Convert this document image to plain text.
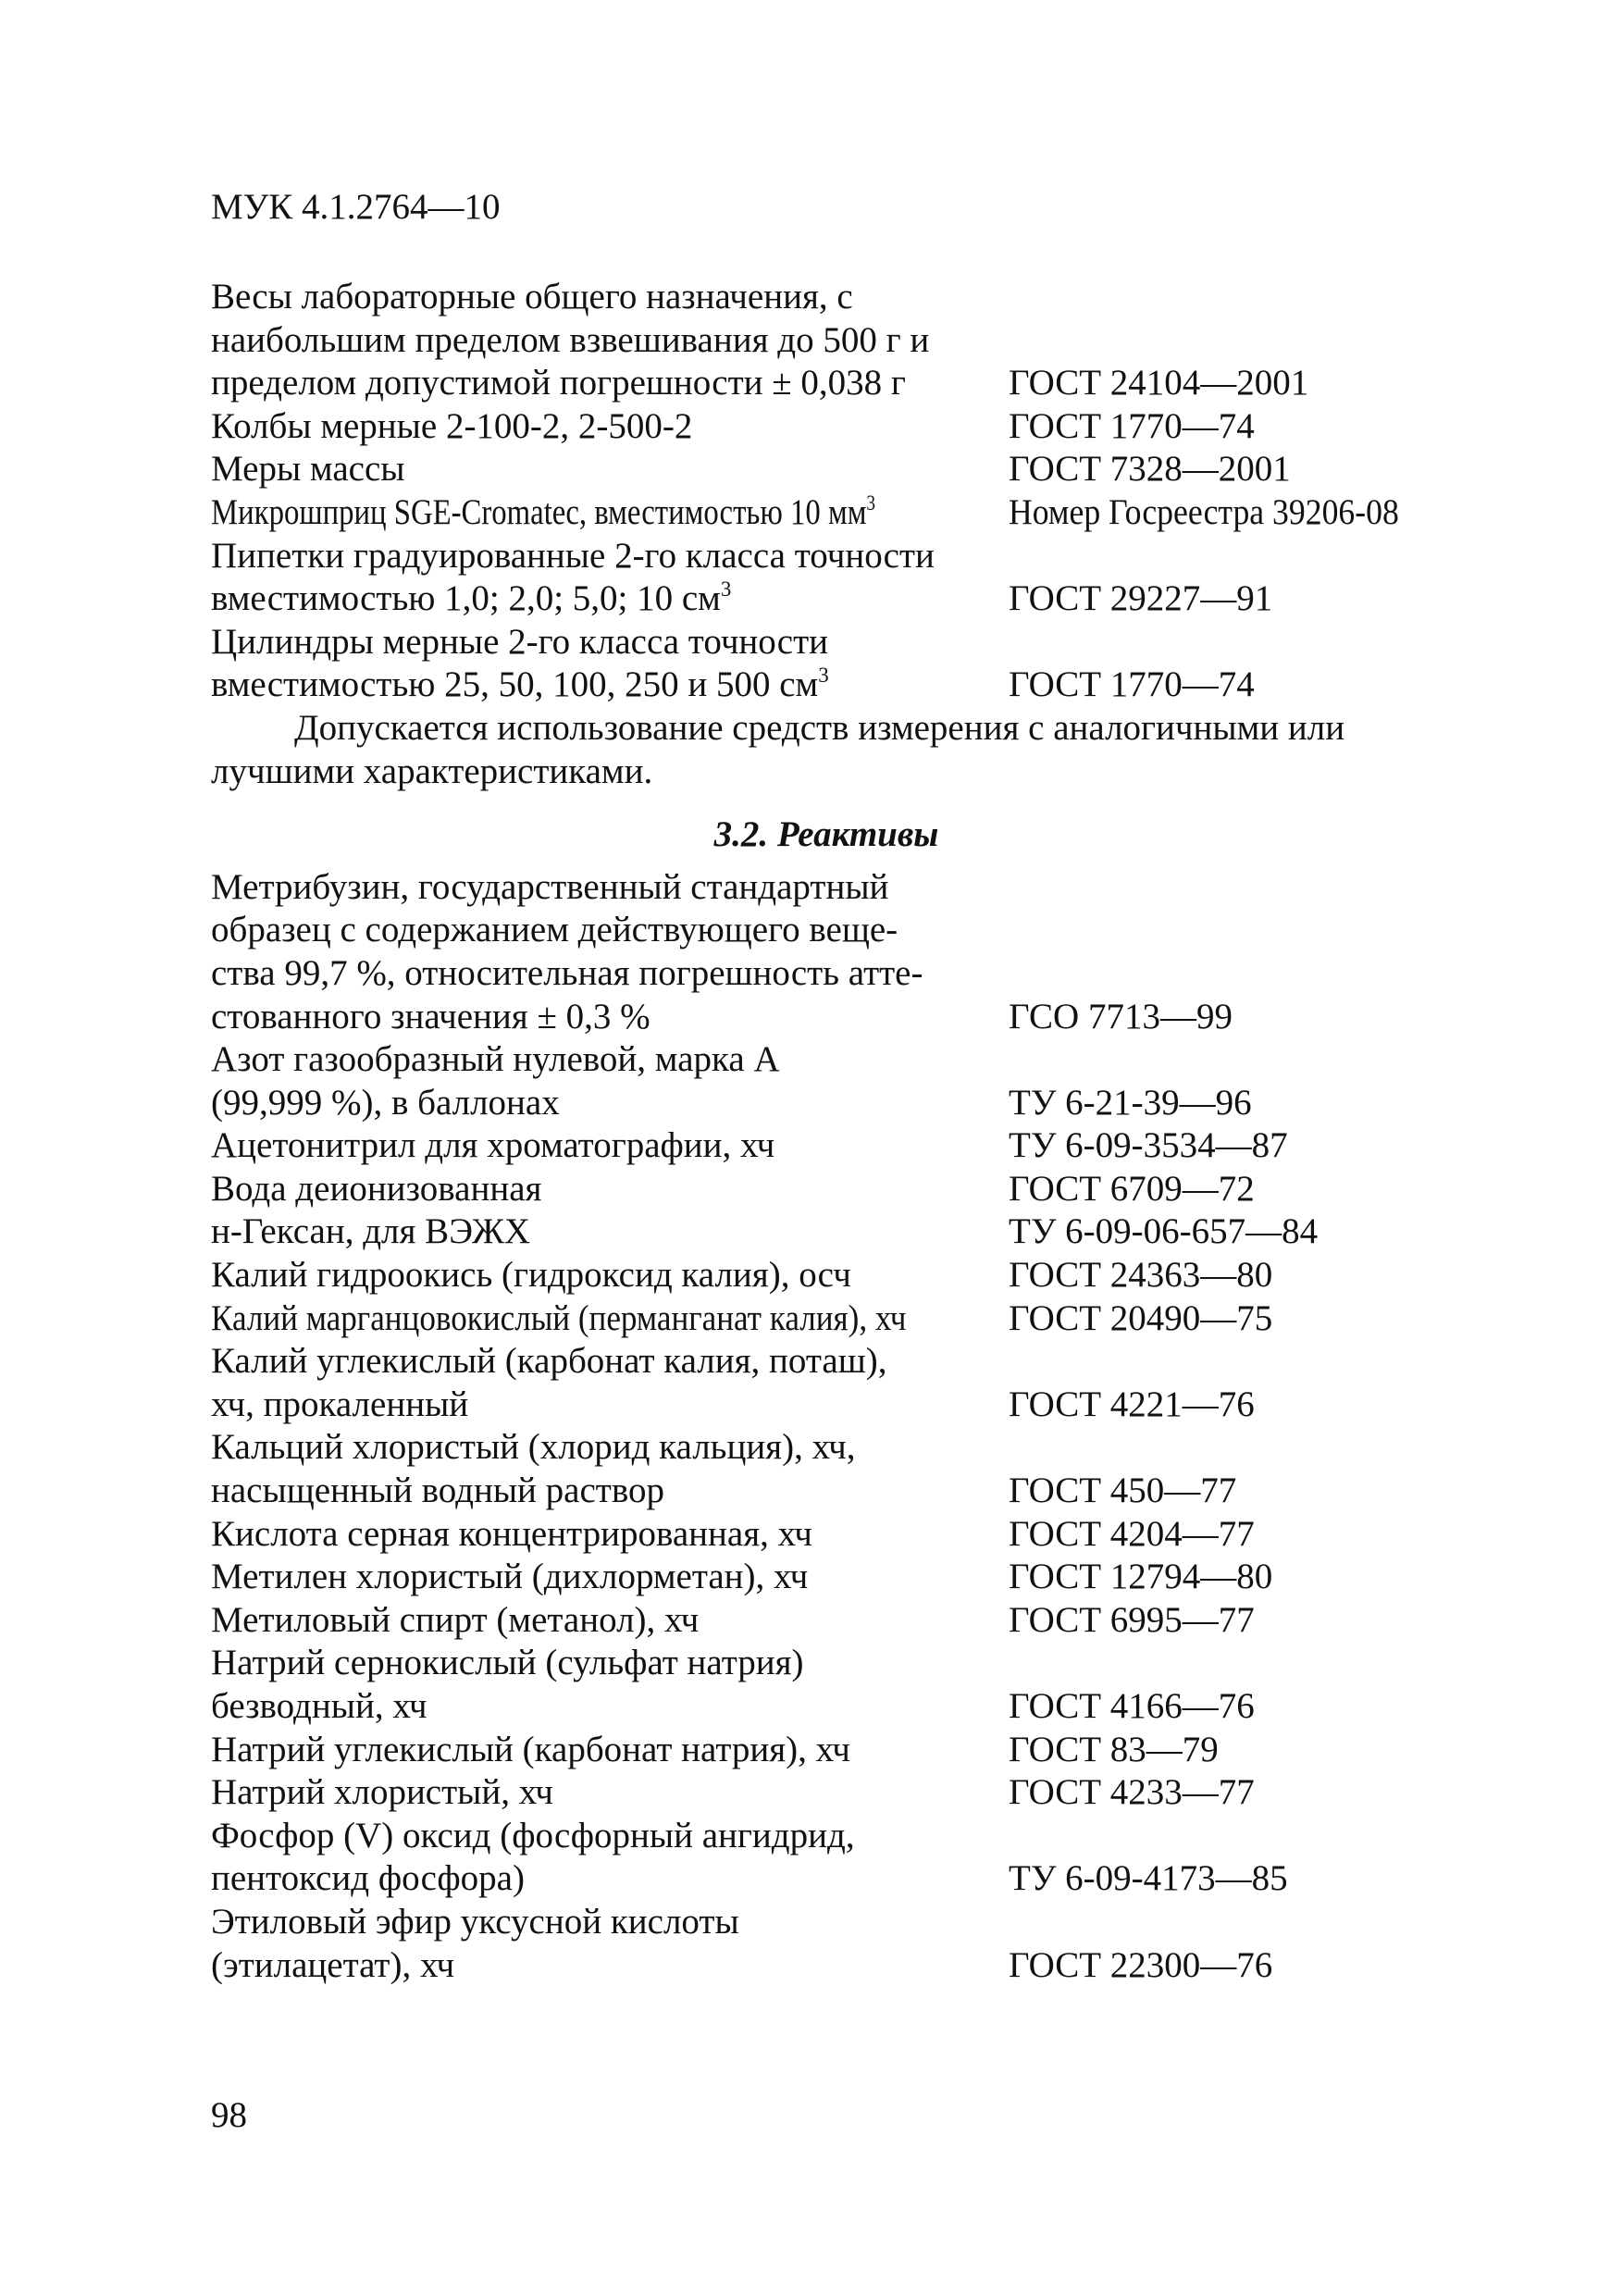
МУК 4.1.2764—10
Весы лабораторные общего назначения, с
наибольшим пределом взвешивания до 500 г и
пределом допустимой погрешности ± 0,038 г	ГОСТ 24104—2001
Колбы мерные 2-100-2, 2-500-2	ГОСТ 1770—74
Меры массы	ГОСТ 7328—2001
Микрошприц SGE-Cromatec, вместимостью 10 $мм^3$	Номер Госреестра 39206-08
Пипетки градуированные 2-го класса точности
вместимостью 1,0; 2,0; 5,0; 10 $см^3$	ГОСТ 29227—91
Цилиндры мерные 2-го класса точности
вместимостью 25, 50, 100, 250 и 500 $см^3$	ГОСТ 1770—74
Допускается использование средств измерения с аналогичными или
лучшими характеристиками.
3.2. Реактивы
Метрибузин, государственный стандартный
образец с содержанием действующего веще-
ства 99,7 %, относительная погрешность атте-
стованного значения ± 0,3 %	ГСО 7713—99
Азот газообразный нулевой, марка А
(99,999 %), в баллонах	ТУ 6-21-39—96
Ацетонитрил для хроматографии, хч	ТУ 6-09-3534—87
Вода деионизованная	ГОСТ 6709—72
н-Гексан, для ВЭЖХ	ТУ 6-09-06-657—84
Калий гидроокись (гидроксид калия), осч	ГОСТ 24363—80
Калий марганцовокислый (перманганат калия), хч	ГОСТ 20490—75
Калий углекислый (карбонат калия, поташ),
хч, прокаленный	ГОСТ 4221—76
Кальций хлористый (хлорид кальция), хч,
насыщенный водный раствор	ГОСТ 450—77
Кислота серная концентрированная, хч	ГОСТ 4204—77
Метилен хлористый (дихлорметан), хч	ГОСТ 12794—80
Метиловый спирт (метанол), хч	ГОСТ 6995—77
Натрий сернокислый (сульфат натрия)
безводный, хч	ГОСТ 4166—76
Натрий углекислый (карбонат натрия), хч	ГОСТ 83—79
Натрий хлористый, хч	ГОСТ 4233—77
Фосфор (V) оксид (фосфорный ангидрид,
пентоксид фосфора)	ТУ 6-09-4173—85
Этиловый эфир уксусной кислоты
(этилацетат), хч	ГОСТ 22300—76
98
